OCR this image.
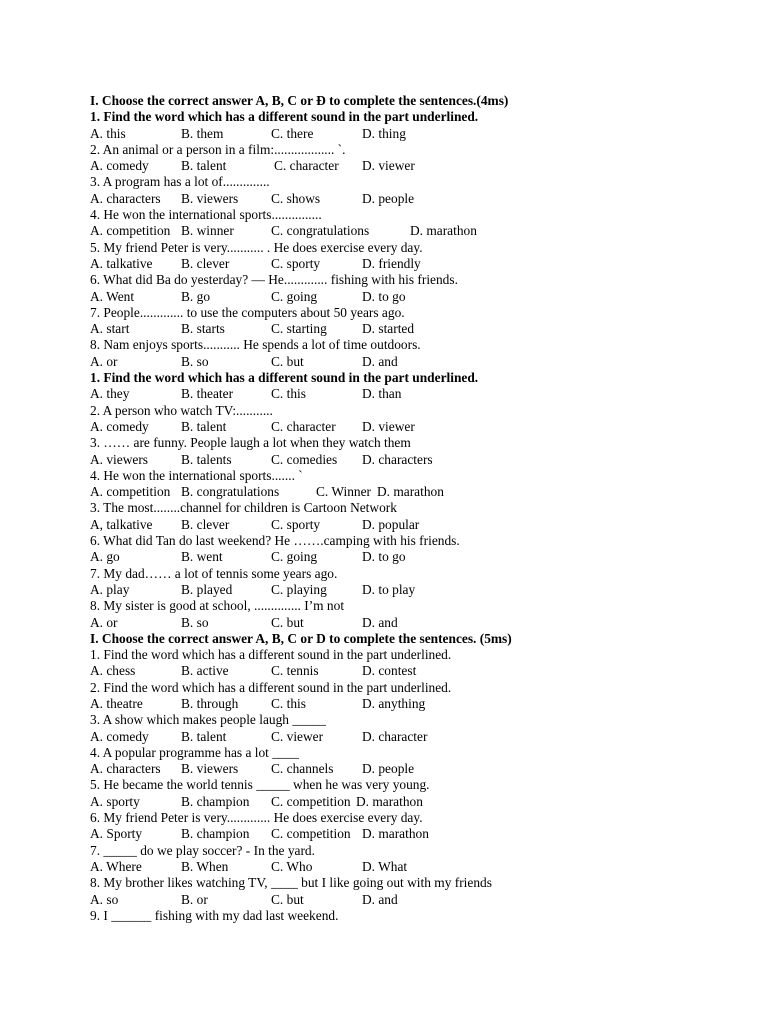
I. Choose the correct answer A, B, C or Đ to complete the sentences.(4ms)
1. Find the word which has a different sound in the part underlined.
A. this	B. them	C. there	D. thing
2. An animal or a person in a film:.................. `.
A. comedy B. talent	C. character D. viewer
3. A program has a lot of..............
A. characters B. viewers C. shows	D. people
4. He won the international sports...............
A. competition B. winner	C. congratulations	D. marathon
5. My friend Peter is very........... . He does exercise every day.
A. talkative B. clever	C. sporty	D. friendly
6. What did Ba do yesterday? — He............. fishing with his friends.
A. Went	B. go	C. going	D. to go
7. People............. to use the computers about 50 years ago.
A. start	B. starts	C. starting	D. started
8. Nam enjoys sports........... He spends a lot of time outdoors.
A. or	B. so	C. but	D. and
1. Find the word which has a different sound in the part underlined.
A. they	B. theater	C. this	D. than
2. A person who watch TV:...........
A. comedy B. talent	C. character D. viewer
3. …… are funny. People laugh a lot when they watch them
A. viewers B. talents	C. comedies D. characters
4. He won the international sports....... `
A. competition B. congratulations	C. Winner D. marathon
3. The most........channel for children is Cartoon Network
A, talkative B. clever	C. sporty	D. popular
6. What did Tan do last weekend? He …….camping with his friends.
A. go	B. went	C. going	D. to go
7. My dad…… a lot of tennis some years ago.
A. play	B. played	C. playing	D. to play
8. My sister is good at school, .............. I’m not
A. or	B. so	C. but	D. and
I. Choose the correct answer A, B, C or D to complete the sentences. (5ms)
1. Find the word which has a different sound in the part underlined.
A. chess	B. active	C. tennis	D. contest
2. Find the word which has a different sound in the part underlined.
A. theatre	B. through C. this	D. anything
3. A show which makes people laugh _____
A. comedy B. talent	C. viewer	D. character
4. A popular programme has a lot ____
A. characters B. viewers C. channels D. people
5. He became the world tennis _____ when he was very young.
A. sporty	B. champion C. competition D. marathon
6. My friend Peter is very............. He does exercise every day.
A. Sporty	B. champion C. competition D. marathon
7. _____ do we play soccer? - In the yard.
A. Where	B. When	C. Who	D. What
8. My brother likes watching TV, ____ but I like going out with my friends
A. so	B. or	C. but	D. and
9. I ______ fishing with my dad last weekend.
